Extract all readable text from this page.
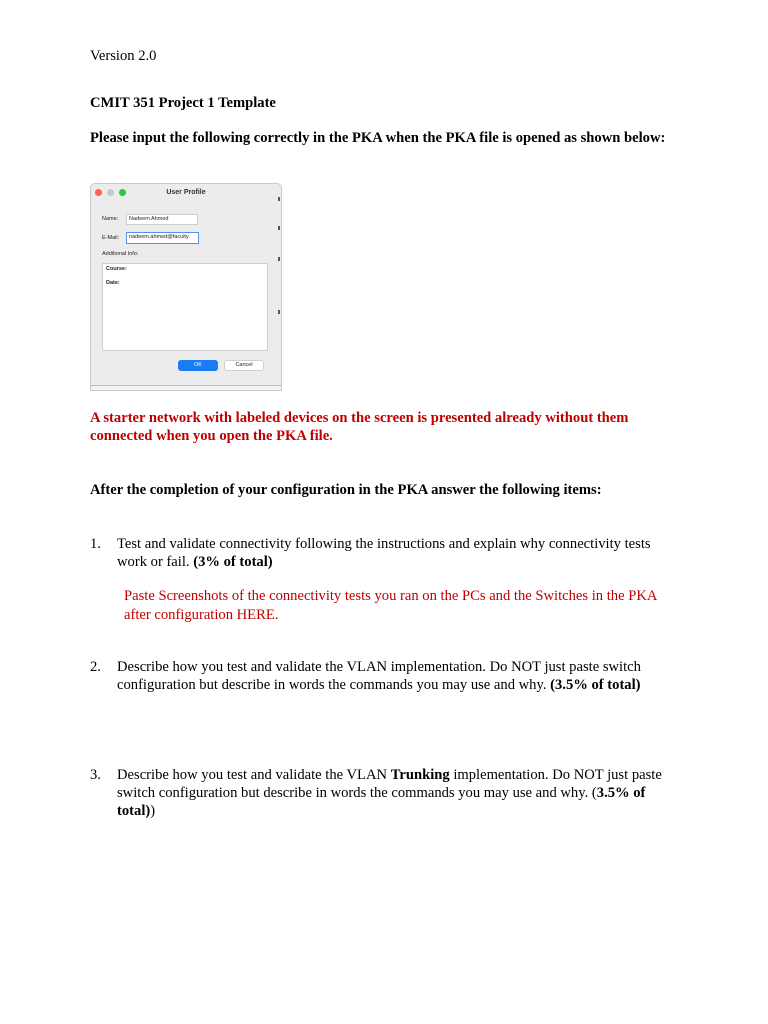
Version 2.0
CMIT 351 Project 1 Template
Please input the following correctly in the PKA when the PKA file is opened as shown below:
User Profile
Name:	Nadeem Ahmed
E-Mail:	nadeem.ahmed@faculty
Additional Info:
Course:
Date:
OK	Cancel
A starter network with labeled devices on the screen is presented already without them connected when you open the PKA file.
After the completion of your configuration in the PKA answer the following items:
1. Test and validate connectivity following the instructions and explain why connectivity tests work or fail. (3% of total)
Paste Screenshots of the connectivity tests you ran on the PCs and the Switches in the PKA after configuration HERE.
2. Describe how you test and validate the VLAN implementation. Do NOT just paste switch configuration but describe in words the commands you may use and why. (3.5% of total)
3. Describe how you test and validate the VLAN Trunking implementation. Do NOT just paste switch configuration but describe in words the commands you may use and why. (3.5% of total))
